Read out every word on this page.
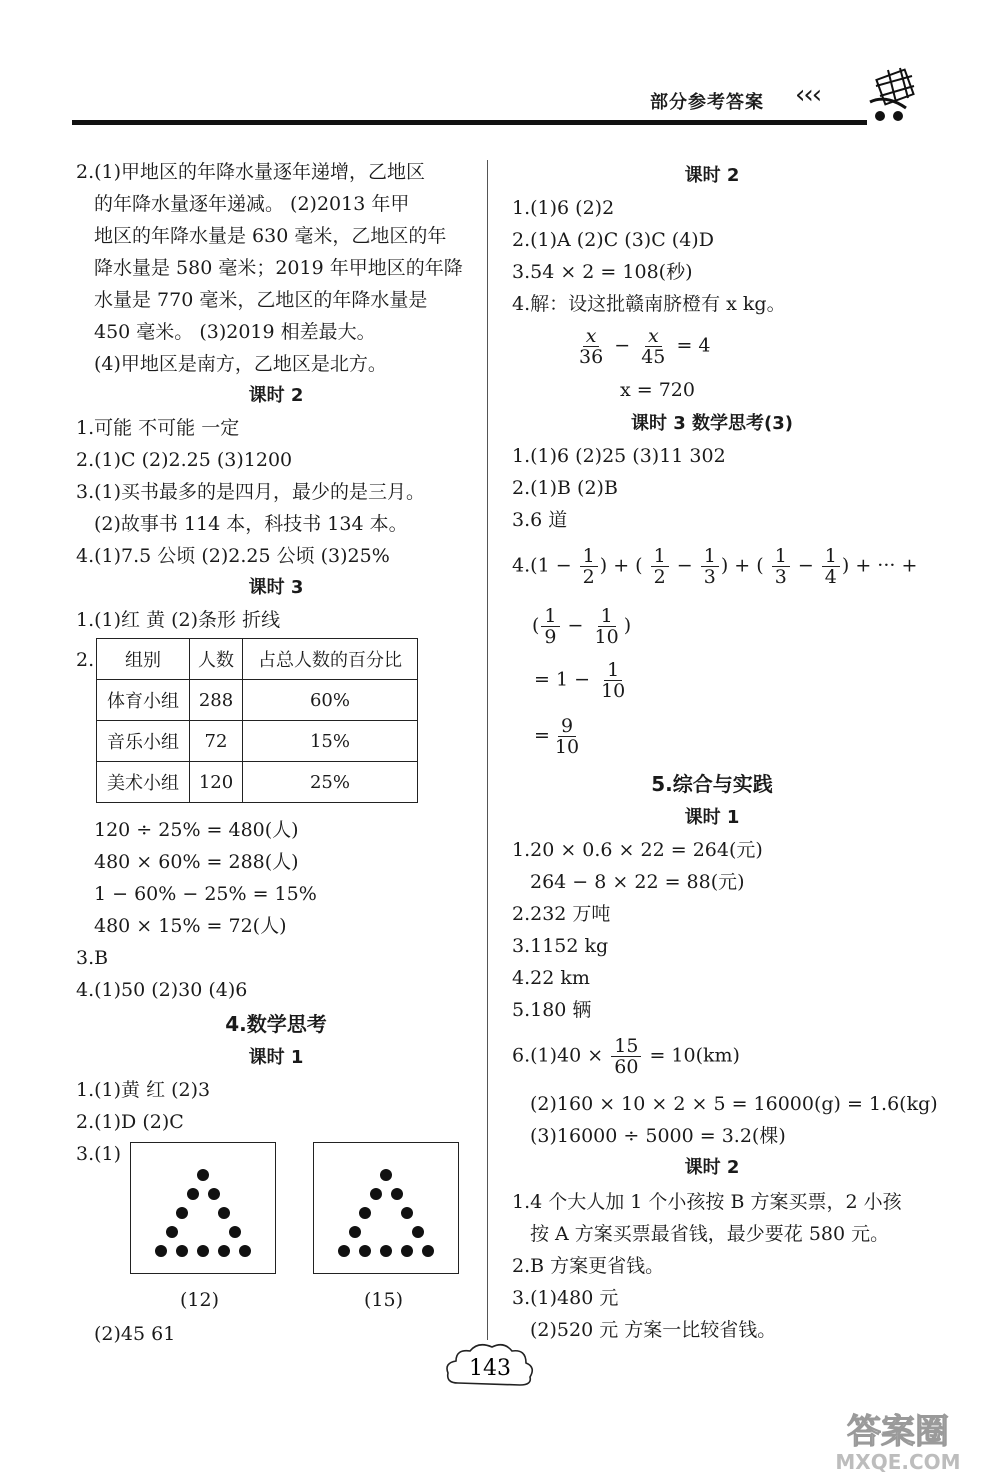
部分参考答案 ‹‹‹
2.(1)甲地区的年降水量逐年递增，乙地区
的年降水量逐年递减。 (2)2013 年甲
地区的年降水量是 630 毫米，乙地区的年
降水量是 580 毫米；2019 年甲地区的年降
水量是 770 毫米，乙地区的年降水量是
450 毫米。 (3)2019 相差最大。
(4)甲地区是南方，乙地区是北方。
课时 2
1.可能 不可能 一定
2.(1)C (2)2.25 (3)1200
3.(1)买书最多的是四月，最少的是三月。
(2)故事书 114 本，科技书 134 本。
4.(1)7.5 公顷 (2)2.25 公顷 (3)25%
课时 3
1.(1)红 黄 (2)条形 折线
2. 组别	人数	占总人数的百分比
体育小组	288	60%
音乐小组	72	15%
美术小组	120	25%
120 ÷ 25% = 480(人)
480 × 60% = 288(人)
1 − 60% − 25% = 15%
480 × 15% = 72(人)
3.B
4.(1)50 (2)30 (4)6
4.数学思考
课时 1
1.(1)黄 红 (2)3
2.(1)D (2)C
3.(1)
(12)	(15)
(2)45 61
课时 2
1.(1)6 (2)2
2.(1)A (2)C (3)C (4)D
3.54 × 2 = 108(秒)
4.解：设这批赣南脐橙有 x kg。
$\frac{x}{36} - \frac{x}{45} = 4$
x = 720
课时 3 数学思考(3)
1.(1)6 (2)25 (3)11 302
2.(1)B (2)B
3.6 道
$4.(1 - \frac{1}{2}$ ) + ( $\frac{1}{2} - \frac{1}{3}$ ) + ( $\frac{1}{3} - \frac{1}{4}$ ) + ··· +
( $\frac{1}{9} - \frac{1}{10}$ )
= $1 - \frac{1}{10}$
= $\frac{9}{10}$
5.综合与实践
课时 1
1.20 × 0.6 × 22 = 264(元)
264 − 8 × 22 = 88(元)
2.232 万吨
3.1152 kg
4.22 km
5.180 辆
$6.(1)40 \times \frac{15}{60} = 10(km)$
(2)160 × 10 × 2 × 5 = 16000(g) = 1.6(kg)
(3)16000 ÷ 5000 = 3.2(棵)
课时 2
1.4 个大人加 1 个小孩按 B 方案买票，2 小孩
按 A 方案买票最省钱，最少要花 580 元。
2.B 方案更省钱。
3.(1)480 元
(2)520 元 方案一比较省钱。
143
答案圈
MXQE.COM
